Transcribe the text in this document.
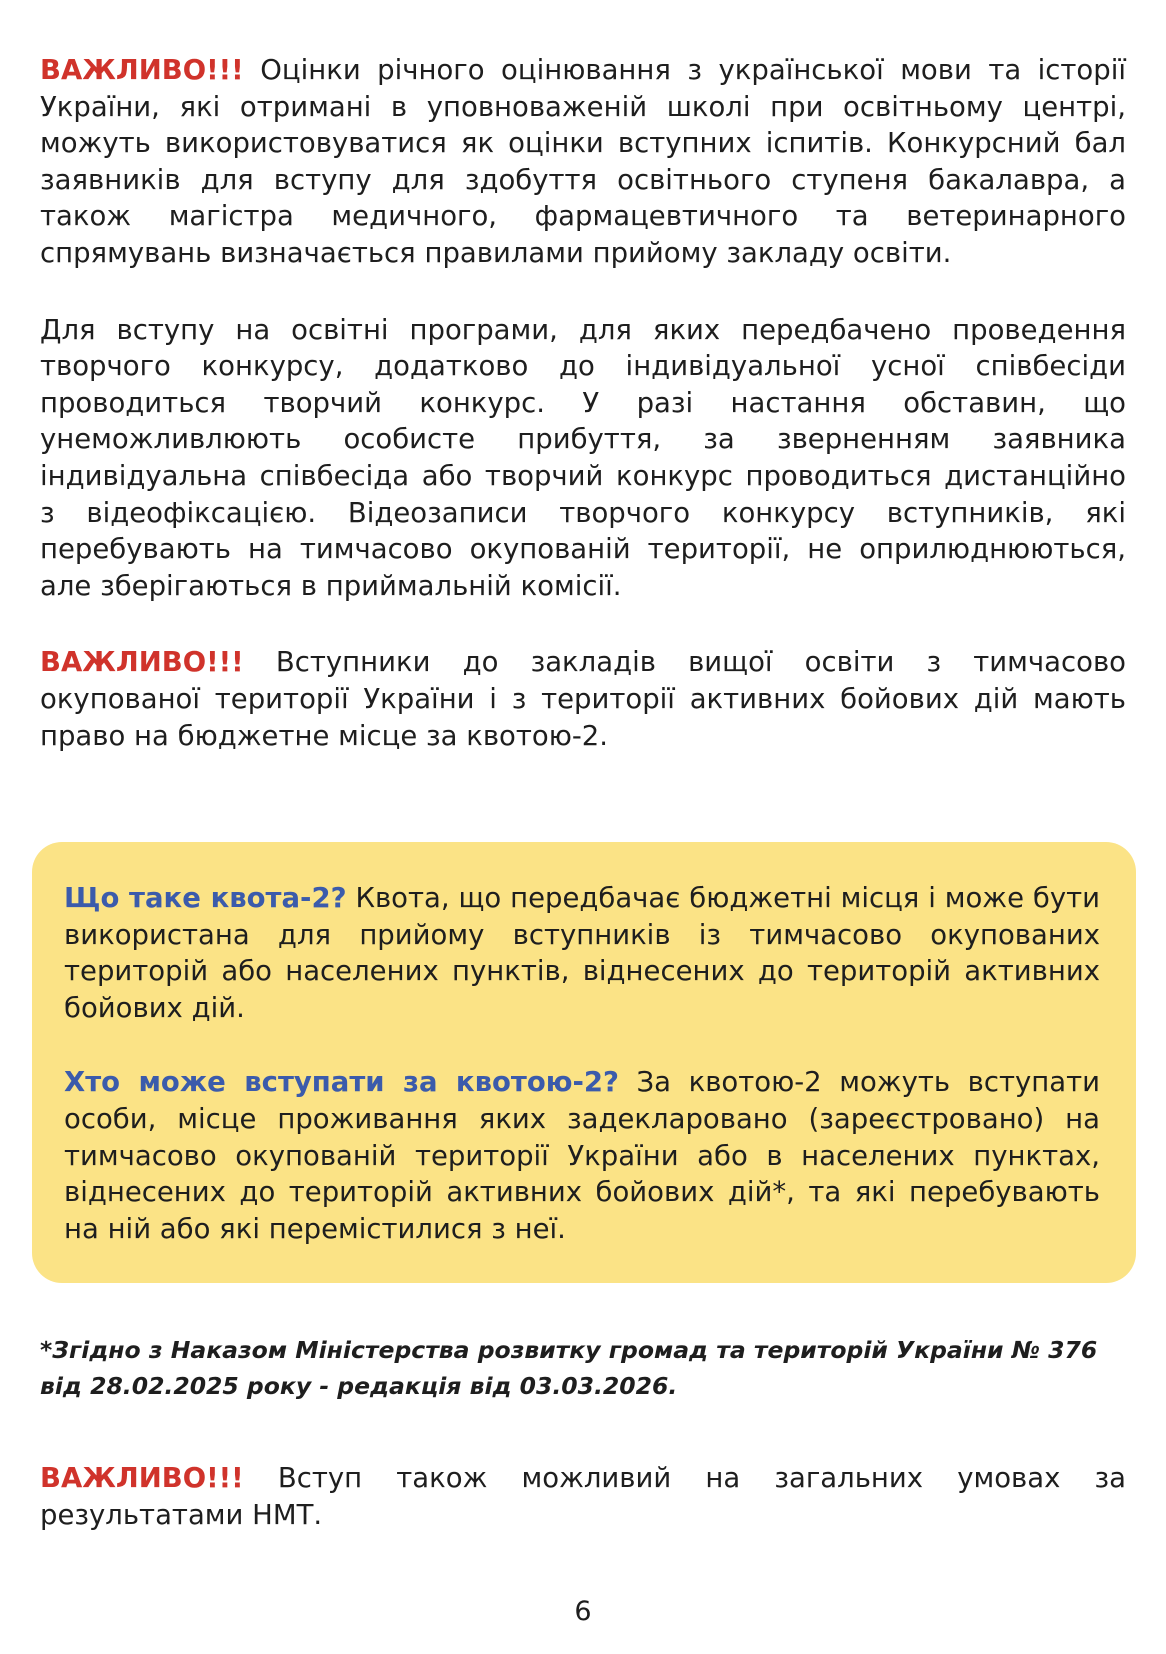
ВАЖЛИВО!!! Оцінки річного оцінювання з української мови та історії України, які отримані в уповноваженій школі при освітньому центрі, можуть використовуватися як оцінки вступних іспитів. Конкурсний бал заявників для вступу для здобуття освітнього ступеня бакалавра, а також магістра медичного, фармацевтичного та ветеринарного спрямувань визначається правилами прийому закладу освіти.

Для вступу на освітні програми, для яких передбачено проведення творчого конкурсу, додатково до індивідуальної усної співбесіди проводиться творчий конкурс. У разі настання обставин, що унеможливлюють особисте прибуття, за зверненням заявника індивідуальна співбесіда або творчий конкурс проводиться дистанційно з відеофіксацією. Відеозаписи творчого конкурсу вступників, які перебувають на тимчасово окупованій території, не оприлюднюються, але зберігаються в приймальній комісії.

ВАЖЛИВО!!! Вступники до закладів вищої освіти з тимчасово окупованої території України і з території активних бойових дій мають право на бюджетне місце за квотою-2.

Що таке квота-2? Квота, що передбачає бюджетні місця і може бути використана для прийому вступників із тимчасово окупованих територій або населених пунктів, віднесених до територій активних бойових дій.

Хто може вступати за квотою-2? За квотою-2 можуть вступати особи, місце проживання яких задекларовано (зареєстровано) на тимчасово окупованій території України або в населених пунктах, віднесених до територій активних бойових дій*, та які перебувають на ній або які перемістилися з неї.

*Згідно з Наказом Міністерства розвитку громад та територій України № 376 від 28.02.2025 року - редакція від 03.03.2026.

ВАЖЛИВО!!! Вступ також можливий на загальних умовах за результатами НМТ.

6
